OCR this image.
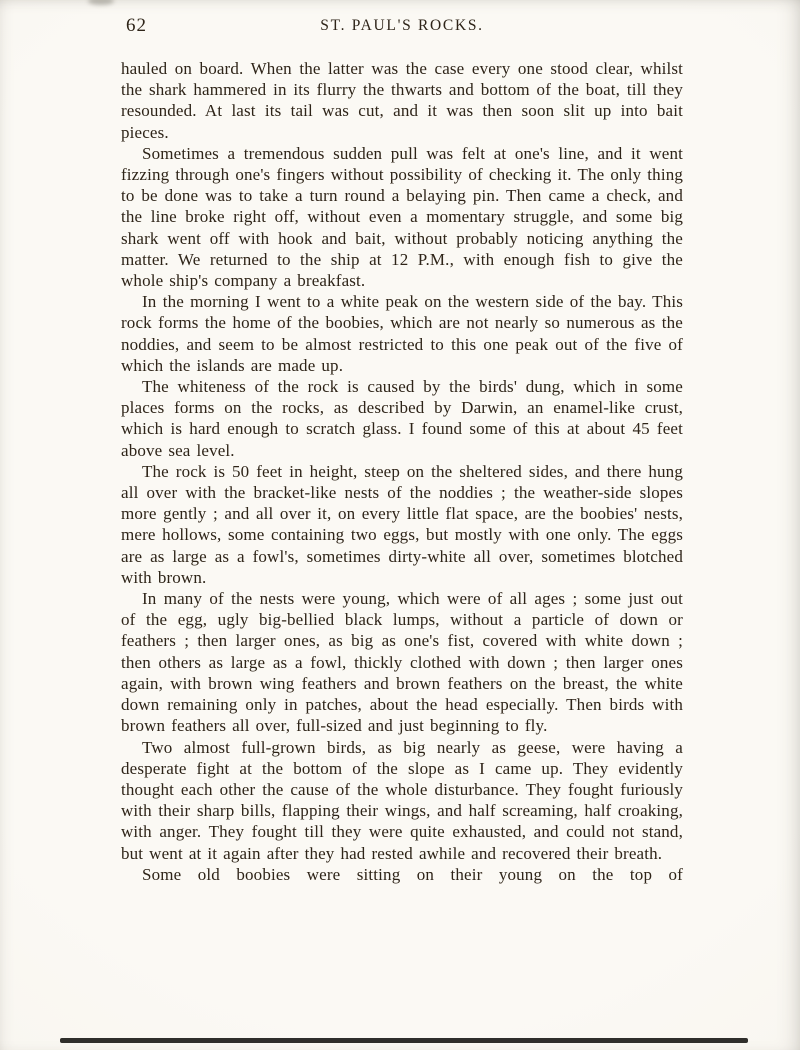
62	ST. PAUL'S ROCKS.

hauled on board. When the latter was the case every one stood clear, whilst the shark hammered in its flurry the thwarts and bottom of the boat, till they resounded. At last its tail was cut, and it was then soon slit up into bait pieces.

Sometimes a tremendous sudden pull was felt at one's line, and it went fizzing through one's fingers without possibility of checking it. The only thing to be done was to take a turn round a belaying pin. Then came a check, and the line broke right off, without even a momentary struggle, and some big shark went off with hook and bait, without probably noticing anything the matter. We returned to the ship at 12 P.M., with enough fish to give the whole ship's company a breakfast.

In the morning I went to a white peak on the western side of the bay. This rock forms the home of the boobies, which are not nearly so numerous as the noddies, and seem to be almost restricted to this one peak out of the five of which the islands are made up.

The whiteness of the rock is caused by the birds' dung, which in some places forms on the rocks, as described by Darwin, an enamel-like crust, which is hard enough to scratch glass. I found some of this at about 45 feet above sea level.

The rock is 50 feet in height, steep on the sheltered sides, and there hung all over with the bracket-like nests of the noddies ; the weather-side slopes more gently ; and all over it, on every little flat space, are the boobies' nests, mere hollows, some containing two eggs, but mostly with one only. The eggs are as large as a fowl's, sometimes dirty-white all over, sometimes blotched with brown.

In many of the nests were young, which were of all ages ; some just out of the egg, ugly big-bellied black lumps, without a particle of down or feathers ; then larger ones, as big as one's fist, covered with white down ; then others as large as a fowl, thickly clothed with down ; then larger ones again, with brown wing feathers and brown feathers on the breast, the white down remaining only in patches, about the head especially. Then birds with brown feathers all over, full-sized and just beginning to fly.

Two almost full-grown birds, as big nearly as geese, were having a desperate fight at the bottom of the slope as I came up. They evidently thought each other the cause of the whole disturbance. They fought furiously with their sharp bills, flapping their wings, and half screaming, half croaking, with anger. They fought till they were quite exhausted, and could not stand, but went at it again after they had rested awhile and recovered their breath.

Some old boobies were sitting on their young on the top of
